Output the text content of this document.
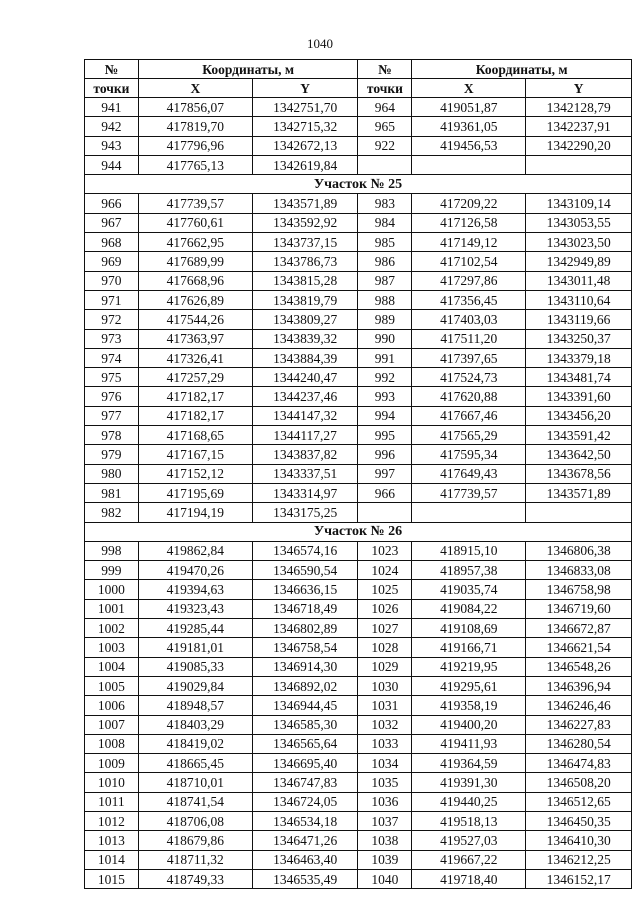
1040
№	Координаты, м		№	Координаты, м	
точки	X	Y	точки	X	Y
941	417856,07	1342751,70	964	419051,87	1342128,79
942	417819,70	1342715,32	965	419361,05	1342237,91
943	417796,96	1342672,13	922	419456,53	1342290,20
944	417765,13	1342619,84			
Участок № 25					
966	417739,57	1343571,89	983	417209,22	1343109,14
967	417760,61	1343592,92	984	417126,58	1343053,55
968	417662,95	1343737,15	985	417149,12	1343023,50
969	417689,99	1343786,73	986	417102,54	1342949,89
970	417668,96	1343815,28	987	417297,86	1343011,48
971	417626,89	1343819,79	988	417356,45	1343110,64
972	417544,26	1343809,27	989	417403,03	1343119,66
973	417363,97	1343839,32	990	417511,20	1343250,37
974	417326,41	1343884,39	991	417397,65	1343379,18
975	417257,29	1344240,47	992	417524,73	1343481,74
976	417182,17	1344237,46	993	417620,88	1343391,60
977	417182,17	1344147,32	994	417667,46	1343456,20
978	417168,65	1344117,27	995	417565,29	1343591,42
979	417167,15	1343837,82	996	417595,34	1343642,50
980	417152,12	1343337,51	997	417649,43	1343678,56
981	417195,69	1343314,97	966	417739,57	1343571,89
982	417194,19	1343175,25			
Участок № 26					
998	419862,84	1346574,16	1023	418915,10	1346806,38
999	419470,26	1346590,54	1024	418957,38	1346833,08
1000	419394,63	1346636,15	1025	419035,74	1346758,98
1001	419323,43	1346718,49	1026	419084,22	1346719,60
1002	419285,44	1346802,89	1027	419108,69	1346672,87
1003	419181,01	1346758,54	1028	419166,71	1346621,54
1004	419085,33	1346914,30	1029	419219,95	1346548,26
1005	419029,84	1346892,02	1030	419295,61	1346396,94
1006	418948,57	1346944,45	1031	419358,19	1346246,46
1007	418403,29	1346585,30	1032	419400,20	1346227,83
1008	418419,02	1346565,64	1033	419411,93	1346280,54
1009	418665,45	1346695,40	1034	419364,59	1346474,83
1010	418710,01	1346747,83	1035	419391,30	1346508,20
1011	418741,54	1346724,05	1036	419440,25	1346512,65
1012	418706,08	1346534,18	1037	419518,13	1346450,35
1013	418679,86	1346471,26	1038	419527,03	1346410,30
1014	418711,32	1346463,40	1039	419667,22	1346212,25
1015	418749,33	1346535,49	1040	419718,40	1346152,17
